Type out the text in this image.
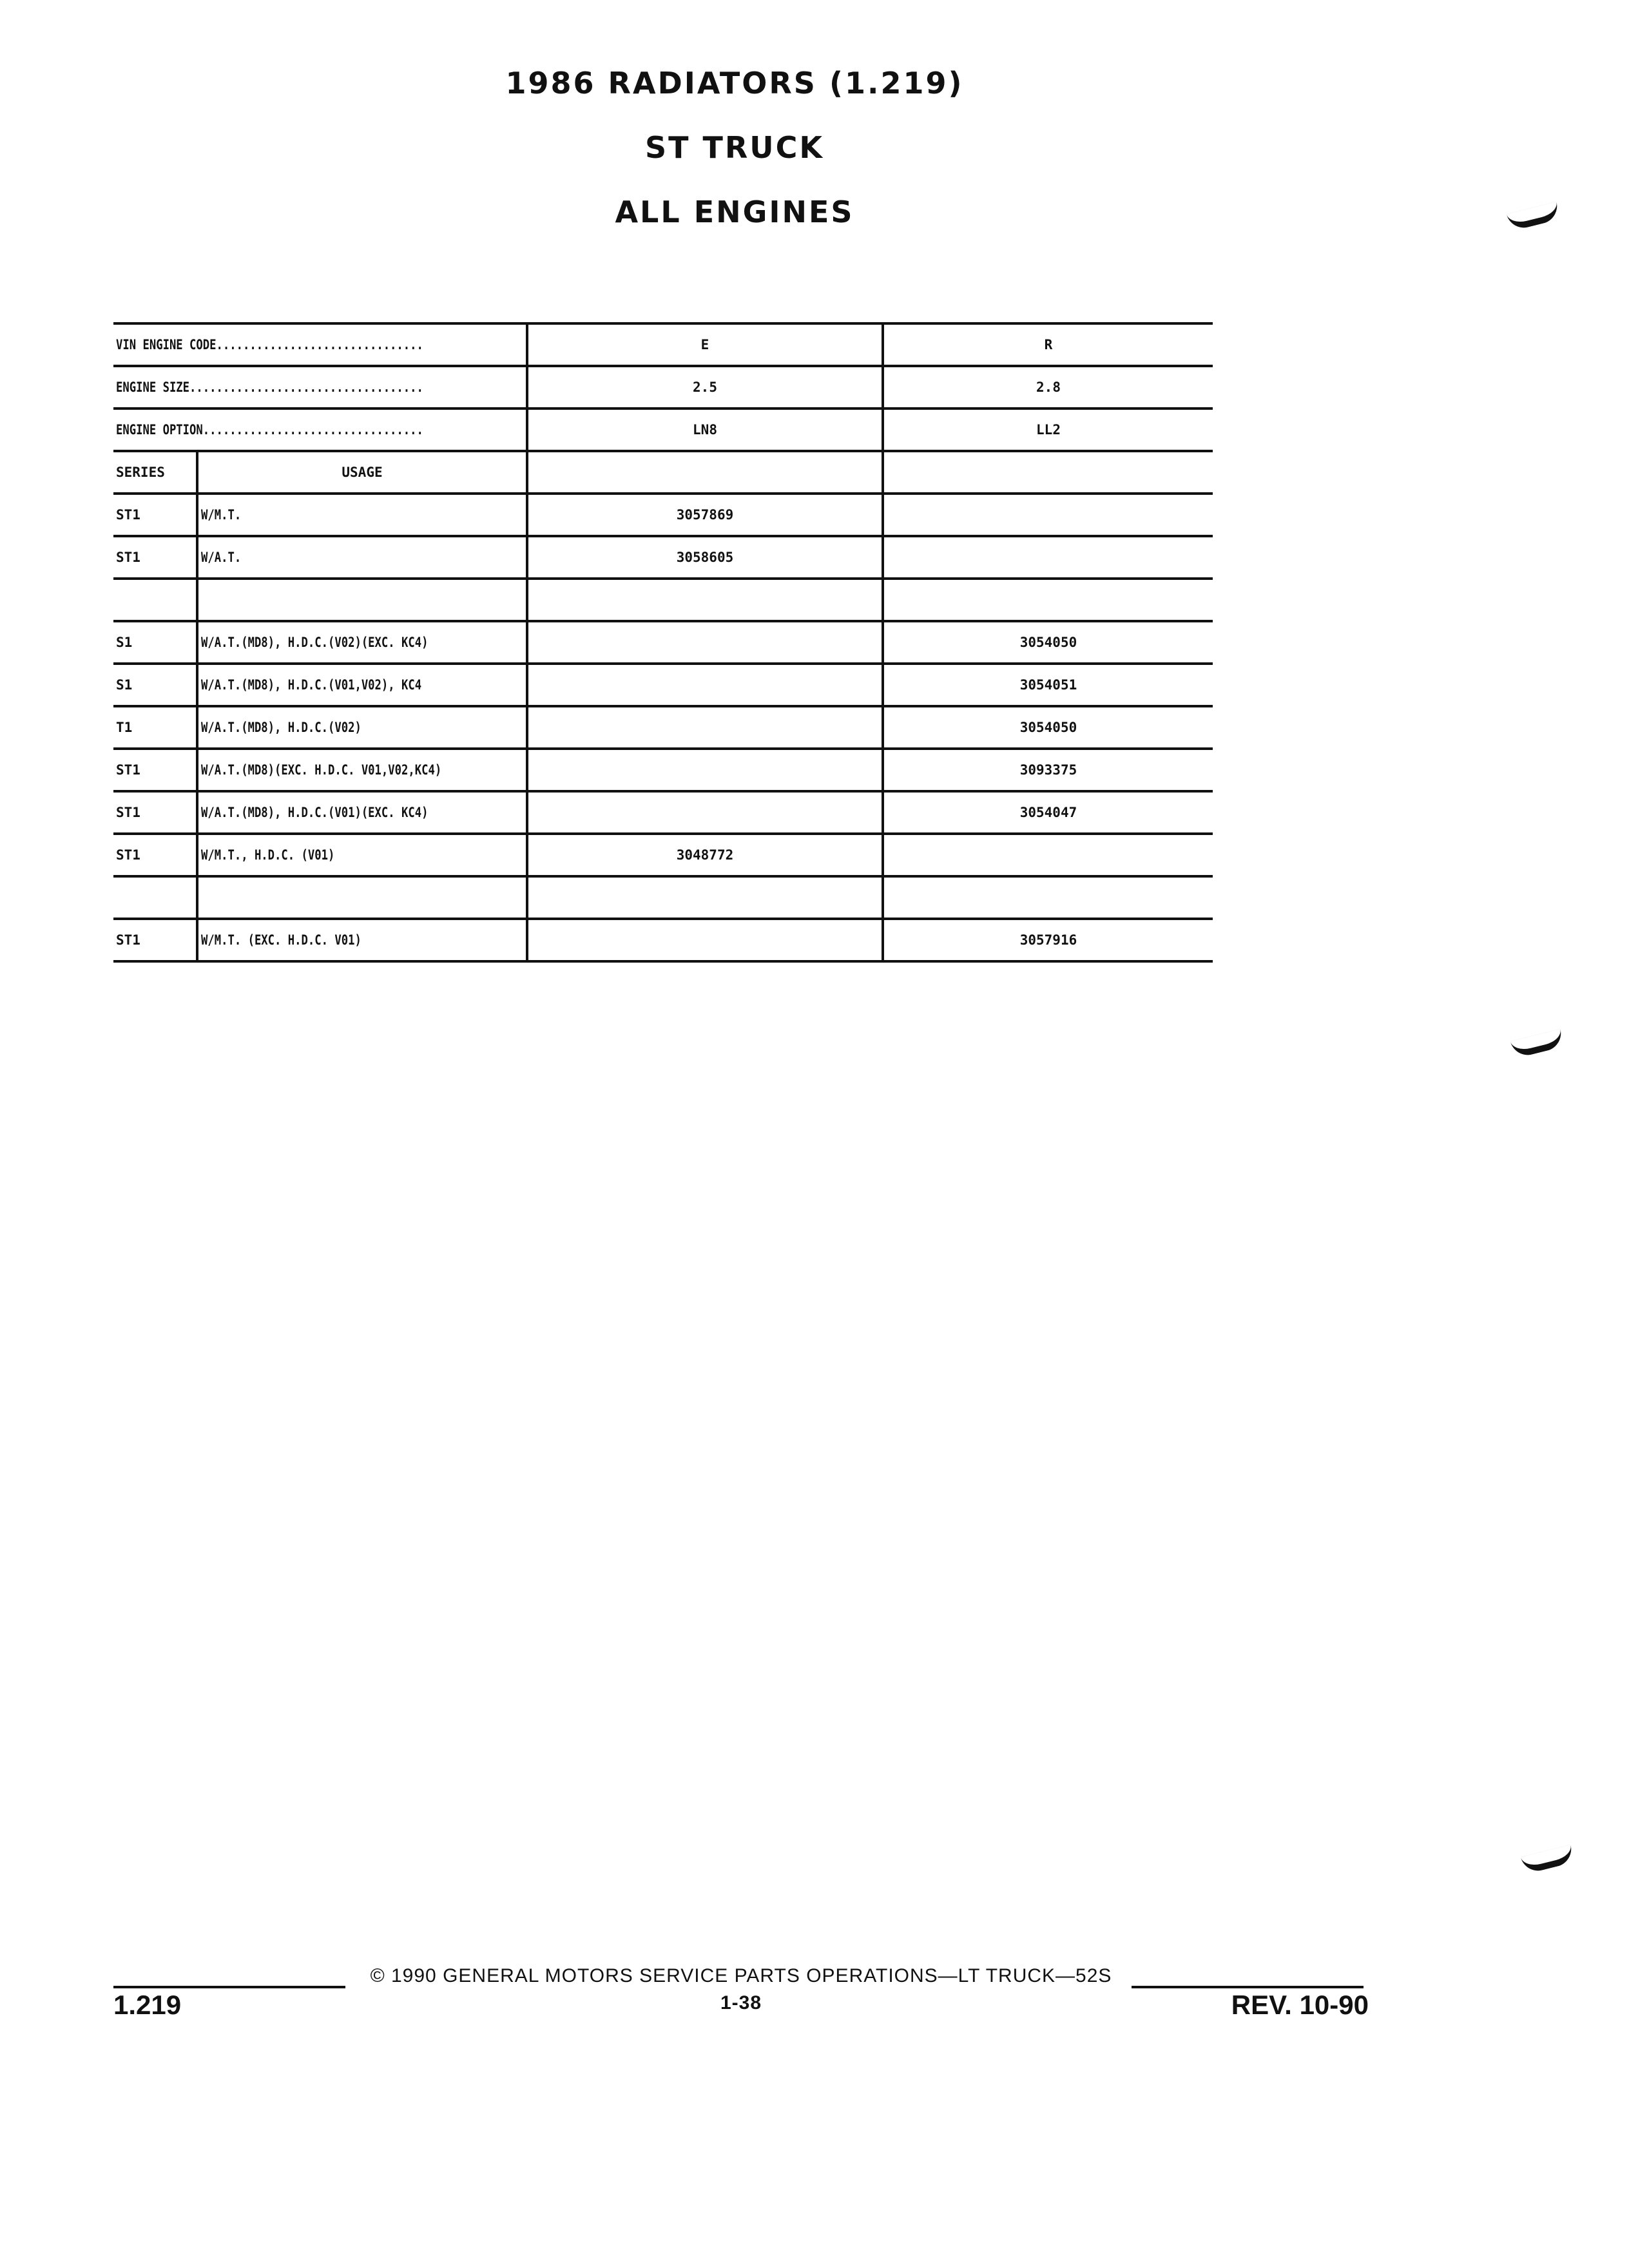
1986 RADIATORS (1.219)
ST TRUCK
ALL ENGINES
VIN ENGINE CODE...............................		E	R
ENGINE SIZE...................................		2.5	2.8
ENGINE OPTION.................................		LN8	LL2
SERIES	USAGE		
ST1	W/M.T.	3057869	
ST1	W/A.T.	3058605	

S1	W/A.T.(MD8), H.D.C.(V02)(EXC. KC4)		3054050
S1	W/A.T.(MD8), H.D.C.(V01,V02), KC4		3054051
T1	W/A.T.(MD8), H.D.C.(V02)		3054050
ST1	W/A.T.(MD8)(EXC. H.D.C. V01,V02,KC4)		3093375
ST1	W/A.T.(MD8), H.D.C.(V01)(EXC. KC4)		3054047
ST1	W/M.T., H.D.C. (V01)	3048772	

ST1	W/M.T. (EXC. H.D.C. V01)		3057916
© 1990 GENERAL MOTORS SERVICE PARTS OPERATIONS—LT TRUCK—52S
1-38
1.219	REV. 10-90
